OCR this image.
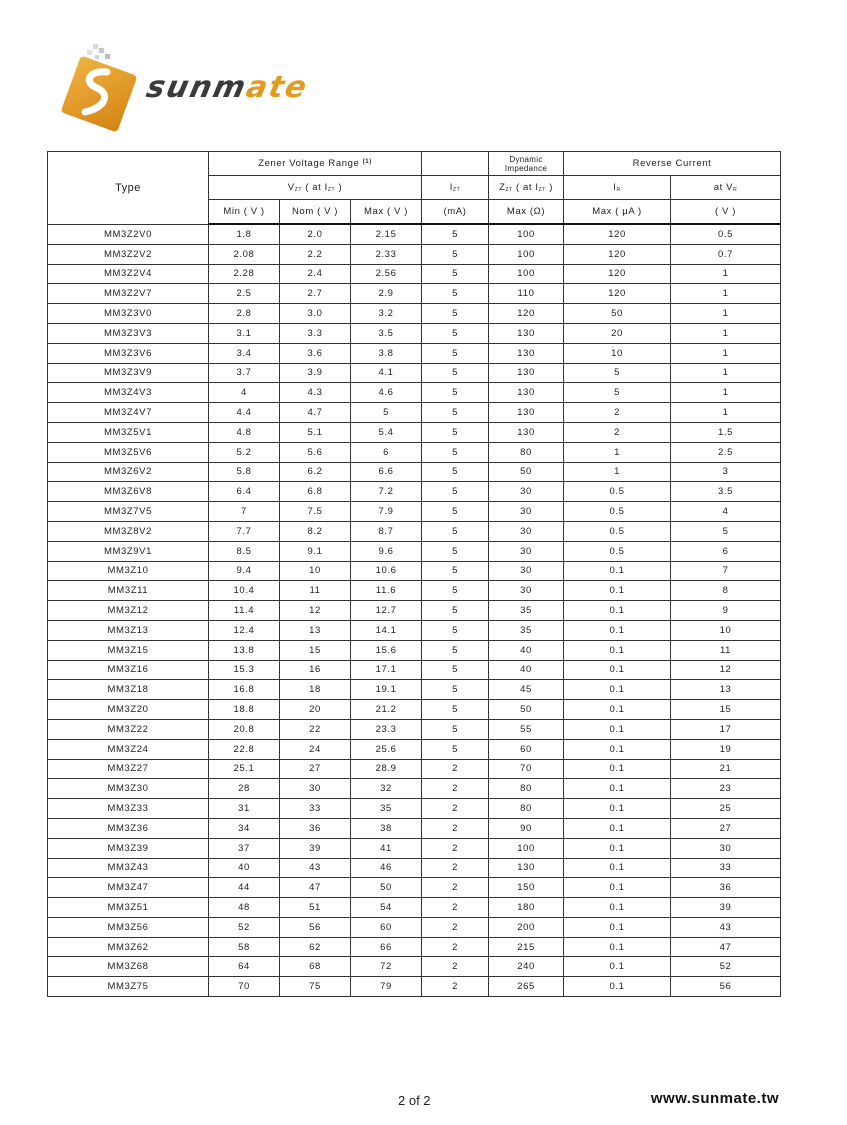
sunmate
Type	Zener Voltage Range $^{(1)}$				Dynamic Impedance	Reverse Current	
	$V_{ZT}$ ( at $I_{ZT}$ )			$I_{ZT}$	$Z_{ZT}$ ( at $I_{ZT}$ )	$I_R$	at $V_R$
	Min ( V )	Nom ( V )	Max ( V )	(mA)	Max (Ω)	Max ( μA )	( V )
MM3Z2V0	1.8	2.0	2.15	5	100	120	0.5
MM3Z2V2	2.08	2.2	2.33	5	100	120	0.7
MM3Z2V4	2.28	2.4	2.56	5	100	120	1
MM3Z2V7	2.5	2.7	2.9	5	110	120	1
MM3Z3V0	2.8	3.0	3.2	5	120	50	1
MM3Z3V3	3.1	3.3	3.5	5	130	20	1
MM3Z3V6	3.4	3.6	3.8	5	130	10	1
MM3Z3V9	3.7	3.9	4.1	5	130	5	1
MM3Z4V3	4	4.3	4.6	5	130	5	1
MM3Z4V7	4.4	4.7	5	5	130	2	1
MM3Z5V1	4.8	5.1	5.4	5	130	2	1.5
MM3Z5V6	5.2	5.6	6	5	80	1	2.5
MM3Z6V2	5.8	6.2	6.6	5	50	1	3
MM3Z6V8	6.4	6.8	7.2	5	30	0.5	3.5
MM3Z7V5	7	7.5	7.9	5	30	0.5	4
MM3Z8V2	7.7	8.2	8.7	5	30	0.5	5
MM3Z9V1	8.5	9.1	9.6	5	30	0.5	6
MM3Z10	9.4	10	10.6	5	30	0.1	7
MM3Z11	10.4	11	11.6	5	30	0.1	8
MM3Z12	11.4	12	12.7	5	35	0.1	9
MM3Z13	12.4	13	14.1	5	35	0.1	10
MM3Z15	13.8	15	15.6	5	40	0.1	11
MM3Z16	15.3	16	17.1	5	40	0.1	12
MM3Z18	16.8	18	19.1	5	45	0.1	13
MM3Z20	18.8	20	21.2	5	50	0.1	15
MM3Z22	20.8	22	23.3	5	55	0.1	17
MM3Z24	22.8	24	25.6	5	60	0.1	19
MM3Z27	25.1	27	28.9	2	70	0.1	21
MM3Z30	28	30	32	2	80	0.1	23
MM3Z33	31	33	35	2	80	0.1	25
MM3Z36	34	36	38	2	90	0.1	27
MM3Z39	37	39	41	2	100	0.1	30
MM3Z43	40	43	46	2	130	0.1	33
MM3Z47	44	47	50	2	150	0.1	36
MM3Z51	48	51	54	2	180	0.1	39
MM3Z56	52	56	60	2	200	0.1	43
MM3Z62	58	62	66	2	215	0.1	47
MM3Z68	64	68	72	2	240	0.1	52
MM3Z75	70	75	79	2	265	0.1	56
2 of 2	www.sunmate.tw
